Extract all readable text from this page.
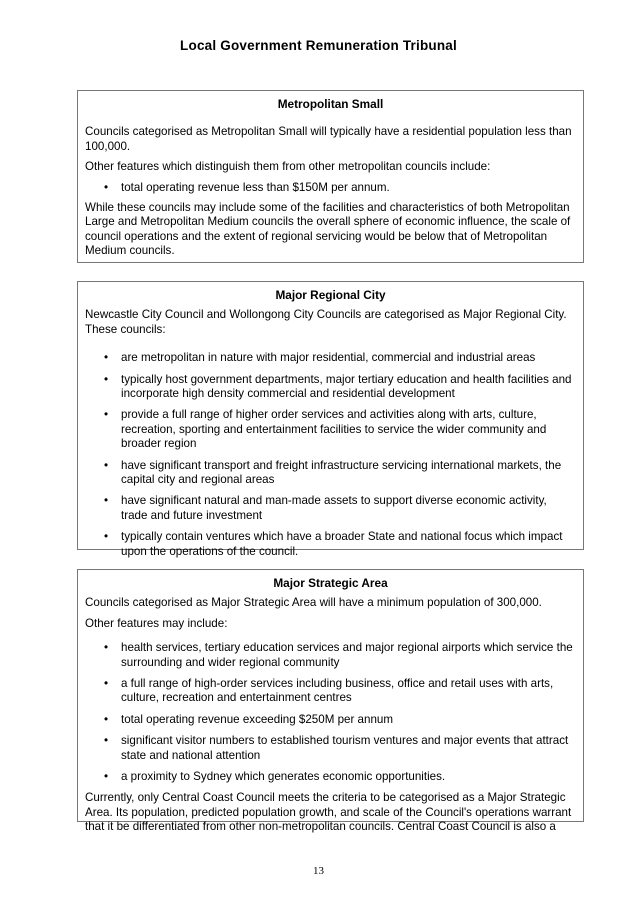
Local Government Remuneration Tribunal
Metropolitan Small

Councils categorised as Metropolitan Small will typically have a residential population less than 100,000.

Other features which distinguish them from other metropolitan councils include:

• total operating revenue less than $150M per annum.

While these councils may include some of the facilities and characteristics of both Metropolitan Large and Metropolitan Medium councils the overall sphere of economic influence, the scale of council operations and the extent of regional servicing would be below that of Metropolitan Medium councils.

Major Regional City

Newcastle City Council and Wollongong City Councils are categorised as Major Regional City. These councils:

• are metropolitan in nature with major residential, commercial and industrial areas
• typically host government departments, major tertiary education and health facilities and incorporate high density commercial and residential development
• provide a full range of higher order services and activities along with arts, culture, recreation, sporting and entertainment facilities to service the wider community and broader region
• have significant transport and freight infrastructure servicing international markets, the capital city and regional areas
• have significant natural and man-made assets to support diverse economic activity, trade and future investment
• typically contain ventures which have a broader State and national focus which impact upon the operations of the council.
Major Strategic Area

Councils categorised as Major Strategic Area will have a minimum population of 300,000.

Other features may include:

• health services, tertiary education services and major regional airports which service the surrounding and wider regional community
• a full range of high-order services including business, office and retail uses with arts, culture, recreation and entertainment centres
• total operating revenue exceeding $250M per annum
• significant visitor numbers to established tourism ventures and major events that attract state and national attention
• a proximity to Sydney which generates economic opportunities.

Currently, only Central Coast Council meets the criteria to be categorised as a Major Strategic Area. Its population, predicted population growth, and scale of the Council's operations warrant that it be differentiated from other non-metropolitan councils. Central Coast Council is also a

13
